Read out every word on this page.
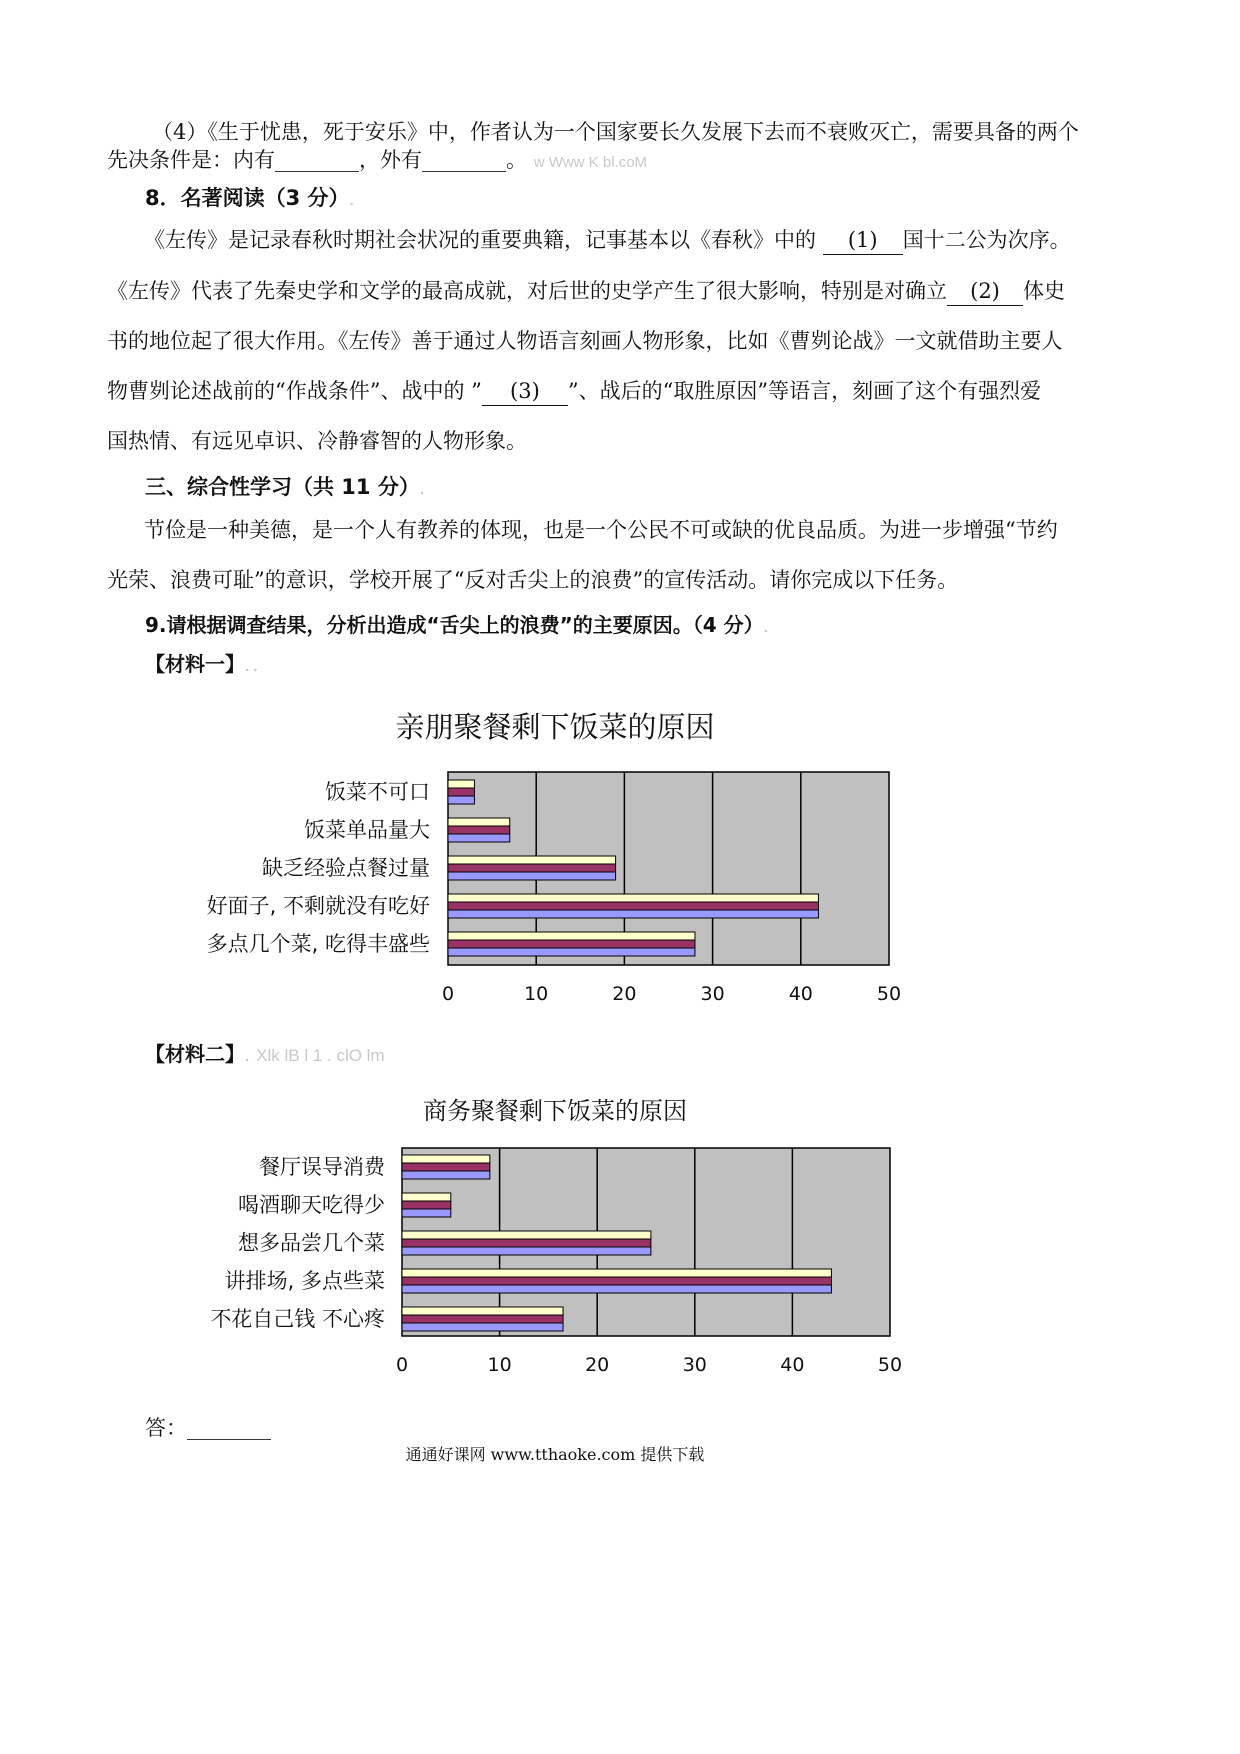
（4）《生于忧患，死于安乐》中，作者认为一个国家要长久发展下去而不衰败灭亡，需要具备的两个
先决条件是：内有________，外有________。 w Www K bl.coM
8．名著阅读（3 分）.
《左传》是记录春秋时期社会状况的重要典籍，记事基本以《春秋》中的 (1) 国十二公为次序。
《左传》代表了先秦史学和文学的最高成就，对后世的史学产生了很大影响，特别是对确立 (2) 体史
书的地位起了很大作用。《左传》善于通过人物语言刻画人物形象，比如《曹刿论战》一文就借助主要人
物曹刿论述战前的“作战条件”、战中的 ” (3) ”、战后的“取胜原因”等语言，刻画了这个有强烈爱
国热情、有远见卓识、冷静睿智的人物形象。
三、综合性学习（共 11 分）.
节俭是一种美德，是一个人有教养的体现，也是一个公民不可或缺的优良品质。为进一步增强“节约
光荣、浪费可耻”的意识，学校开展了“反对舌尖上的浪费”的宣传活动。请你完成以下任务。
9.请根据调查结果，分析出造成“舌尖上的浪费”的主要原因。（4 分）.
【材料一】. .
亲朋聚餐剩下饭菜的原因
0	10	20	30	40	50
饭菜不可口
饭菜单品量大
缺乏经验点餐过量
好面子, 不剩就没有吃好
多点几个菜, 吃得丰盛些
商务聚餐剩下饭菜的原因
0	10	20	30	40	50
餐厅误导消费
喝酒聊天吃得少
想多品尝几个菜
讲排场, 多点些菜
不花自己钱 不心疼
【材料二】. Xlk lB l 1 . clO lm
答：________
通通好课网 www.tthaoke.com 提供下载
